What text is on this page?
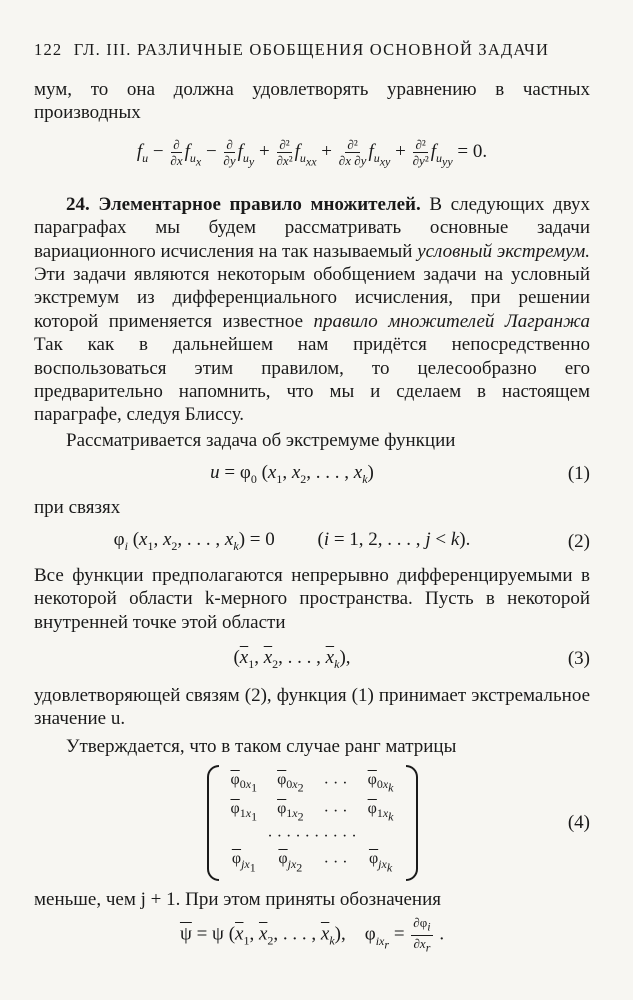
122 ГЛ. III. РАЗЛИЧНЫЕ ОБОБЩЕНИЯ ОСНОВНОЙ ЗАДАЧИ

мум, то она должна удовлетворять уравнению в частных производных

$f_u - \frac{\partial}{\partial x} f_{u_x} - \frac{\partial}{\partial y} f_{u_y} + \frac{\text{∂²}}{\text{∂x²}} f_{u_{xx}} + \frac{\text{∂²}}{\partial x \partial y} f_{u_{xy}} + \frac{\text{∂²}}{\text{∂y²}} f_{u_{yy}} = 0$.

24. Элементарное правило множителей. В следующих двух параграфах мы будем рассматривать основные задачи вариационного исчисления на так называемый условный экстремум. Эти задачи являются некоторым обобщением задачи на условный экстремум из дифференциального исчисления, при решении которой применяется известное правило множителей Лагранжа Так как в дальнейшем нам придётся непосредственно воспользоваться этим правилом, то целесообразно его предварительно напомнить, что мы и сделаем в настоящем параграфе, следуя Блиссу.

Рассматривается задача об экстремуме функции

$u = \varphi_0$ ($x_1$, $x_2$, . . . , $x_k$)	(1)

при связях

$\varphi_i$ ($x_1$, $x_2$, . . . , $x_k) = 0$         (i = 1, 2, . . . , j < k).	(2)

Все функции предполагаются непрерывно дифференцируемыми в некоторой области k-мерного пространства. Пусть в некоторой внутренней точке этой области

($\overline{x}_1$, $\overline{x}_2$, . . . , $\overline{x}_k$),	(3)

удовлетворяющей связям (2), функция (1) принимает экстремальное значение u.

Утверждается, что в таком случае ранг матрицы

$\overline{\varphi}_{0x_1}$	$\overline{\varphi}_{0x_2}$	· · ·	$\overline{\varphi}_{0x_k}$
$\overline{\varphi}_{1x_1}$	$\overline{\varphi}_{1x_2}$	· · ·	$\overline{\varphi}_{1x_k}$
· · · · · · · · · ·			
$\overline{\varphi}_{jx_1}$	$\overline{\varphi}_{jx_2}$	· · ·	$\overline{\varphi}_{jx_k}$
(4)

меньше, чем j + 1. При этом приняты обозначения

$\overline{\psi} = \psi$ ($\overline{x}_1$, $\overline{x}_2$, . . . , $\overline{x}_k$),    $\varphi_{ix_r} = \frac{\partial\varphi_i}{\partial x_r}$ .
